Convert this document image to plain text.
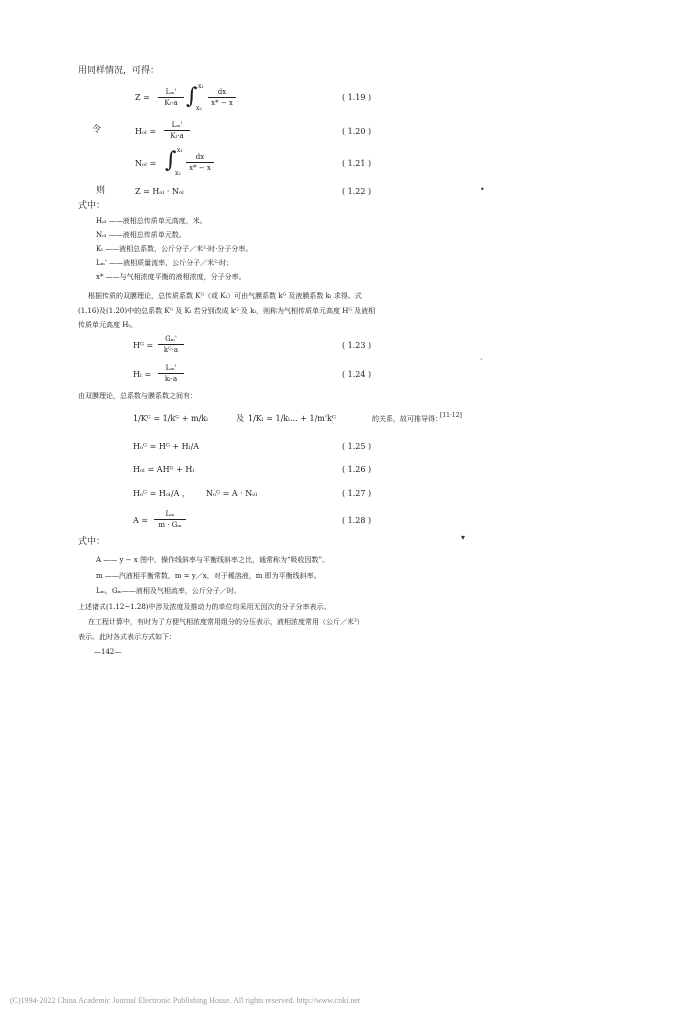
用同样情况，可得：
Z =
Lₘ'
Kₗ·a ∫ x₁
x₂
dx
x* − x
( 1.19 )
令	Hₒₗ =
Lₘ'
Kₗ·a	( 1.20 )
Nₒₗ = ∫ x₁
x₂
dx
x* − x	( 1.21 )
则	Z = Hₒₗ · Nₒₗ	( 1.22 )	•
式中：
Hₒₗ ——液相总传质单元高度，米。
Nₒₗ ——液相总传质单元数。
Kₗ ——液相总系数，公斤分子／米²·时·分子分率。
Lₘ' ——液相质量流率，公斤分子／米²·时；
x* ——与气相浓度平衡的液相浓度，分子分率。
根据传质的双膜理论，总传质系数 Kᴳ（或 Kₗ）可由气膜系数 kᴳ 及液膜系数 kₗ 求得。式
(1.16)及(1.20)中的总系数 Kᴳ 及 Kₗ 若分别改成 kᴳ 及 kₗ，则称为气相传质单元高度 Hᴳ 及液相
传质单元高度 Hₗ。
Hᴳ =
Gₘ'
kᴳ·a	( 1.23 )
Hₗ =
Lₘ'
kₗ·a	( 1.24 )
·
由双膜理论，总系数与膜系数之间有：
1/Kᴳ = 1/kᴳ + m/kₗ	及 1/Kₗ = 1/kₗ... + 1/m'kᴳ	的关系，故可推导得：
[11·12]
Hₒᴳ = Hᴳ + Hₗ/A	( 1.25 )
Hₒₗ = AHᴳ + Hₗ	( 1.26 )
Hₒᴳ = Hₒₗ/A ， Nₒᴳ = A · Nₒₗ	( 1.27 )
A =
Lₘ
m · Gₘ	( 1.28 )
▾
式中：
A —— y − x 图中，操作线斜率与平衡线斜率之比，通常称为“吸收因数”。
m ——汽液相平衡常数，m = y／x，对于稀溶液，m 即为平衡线斜率。
Lₘ，Gₘ——液相及气相流率，公斤分子／时。
上述诸式(1.12~1.28)中涉及浓度及推动力的单位均采用无因次的分子分率表示。
在工程计算中，有时为了方便气相浓度常用组分的分压表示，液相浓度常用（公斤／米³）
表示。此时各式表示方式如下：
—142—
(C)1994-2022 China Academic Journal Electronic Publishing House. All rights reserved. http://www.cnki.net
